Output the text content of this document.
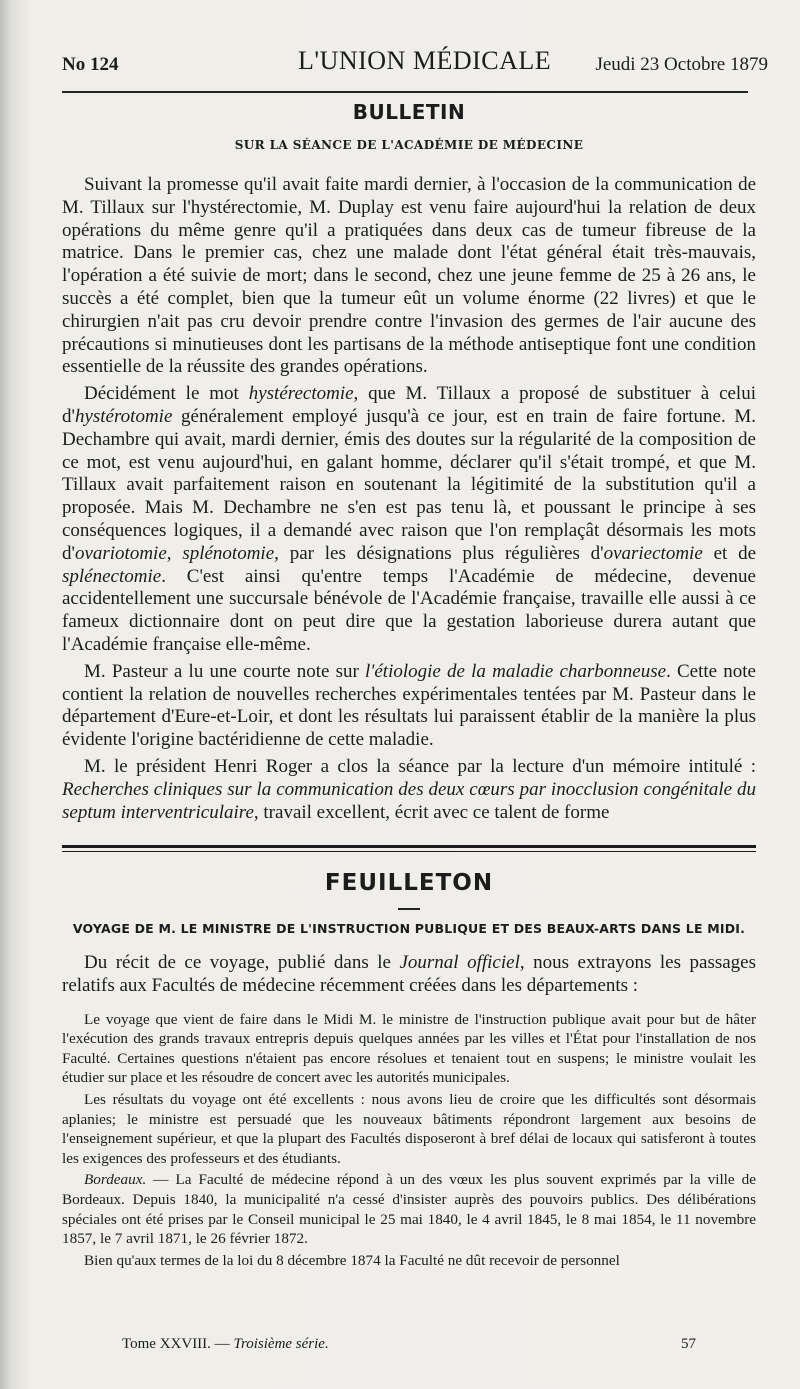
No 124	L'UNION MÉDICALE Jeudi 23 Octobre 1879
BULLETIN
SUR LA SÉANCE DE L'ACADÉMIE DE MÉDECINE

Suivant la promesse qu'il avait faite mardi dernier, à l'occasion de la communication de M. Tillaux sur l'hystérectomie, M. Duplay est venu faire aujourd'hui la relation de deux opérations du même genre qu'il a pratiquées dans deux cas de tumeur fibreuse de la matrice. Dans le premier cas, chez une malade dont l'état général était très-mauvais, l'opération a été suivie de mort; dans le second, chez une jeune femme de 25 à 26 ans, le succès a été complet, bien que la tumeur eût un volume énorme (22 livres) et que le chirurgien n'ait pas cru devoir prendre contre l'invasion des germes de l'air aucune des précautions si minutieuses dont les partisans de la méthode antiseptique font une condition essentielle de la réussite des grandes opérations.

Décidément le mot hystérectomie, que M. Tillaux a proposé de substituer à celui d'hystérotomie généralement employé jusqu'à ce jour, est en train de faire fortune. M. Dechambre qui avait, mardi dernier, émis des doutes sur la régularité de la composition de ce mot, est venu aujourd'hui, en galant homme, déclarer qu'il s'était trompé, et que M. Tillaux avait parfaitement raison en soutenant la légitimité de la substitution qu'il a proposée. Mais M. Dechambre ne s'en est pas tenu là, et poussant le principe à ses conséquences logiques, il a demandé avec raison que l'on remplaçât désormais les mots d'ovariotomie, splénotomie, par les désignations plus régulières d'ovariectomie et de splénectomie. C'est ainsi qu'entre temps l'Académie de médecine, devenue accidentellement une succursale bénévole de l'Académie française, travaille elle aussi à ce fameux dictionnaire dont on peut dire que la gestation laborieuse durera autant que l'Académie française elle-même.

M. Pasteur a lu une courte note sur l'étiologie de la maladie charbonneuse. Cette note contient la relation de nouvelles recherches expérimentales tentées par M. Pasteur dans le département d'Eure-et-Loir, et dont les résultats lui paraissent établir de la manière la plus évidente l'origine bactéridienne de cette maladie.

M. le président Henri Roger a clos la séance par la lecture d'un mémoire intitulé : Recherches cliniques sur la communication des deux cœurs par inocclusion congénitale du septum interventriculaire, travail excellent, écrit avec ce talent de forme

FEUILLETON
VOYAGE DE M. LE MINISTRE DE L'INSTRUCTION PUBLIQUE ET DES BEAUX-ARTS DANS LE MIDI.

Du récit de ce voyage, publié dans le Journal officiel, nous extrayons les passages relatifs aux Facultés de médecine récemment créées dans les départements :

Le voyage que vient de faire dans le Midi M. le ministre de l'instruction publique avait pour but de hâter l'exécution des grands travaux entrepris depuis quelques années par les villes et l'État pour l'installation de nos Faculté. Certaines questions n'étaient pas encore résolues et tenaient tout en suspens; le ministre voulait les étudier sur place et les résoudre de concert avec les autorités municipales.

Les résultats du voyage ont été excellents : nous avons lieu de croire que les difficultés sont désormais aplanies; le ministre est persuadé que les nouveaux bâtiments répondront largement aux besoins de l'enseignement supérieur, et que la plupart des Facultés disposeront à bref délai de locaux qui satisferont à toutes les exigences des professeurs et des étudiants.

Bordeaux. — La Faculté de médecine répond à un des vœux les plus souvent exprimés par la ville de Bordeaux. Depuis 1840, la municipalité n'a cessé d'insister auprès des pouvoirs publics. Des délibérations spéciales ont été prises par le Conseil municipal le 25 mai 1840, le 4 avril 1845, le 8 mai 1854, le 11 novembre 1857, le 7 avril 1871, le 26 février 1872.

Bien qu'aux termes de la loi du 8 décembre 1874 la Faculté ne dût recevoir de personnel

Tome XXVIII. — Troisième série.	57
